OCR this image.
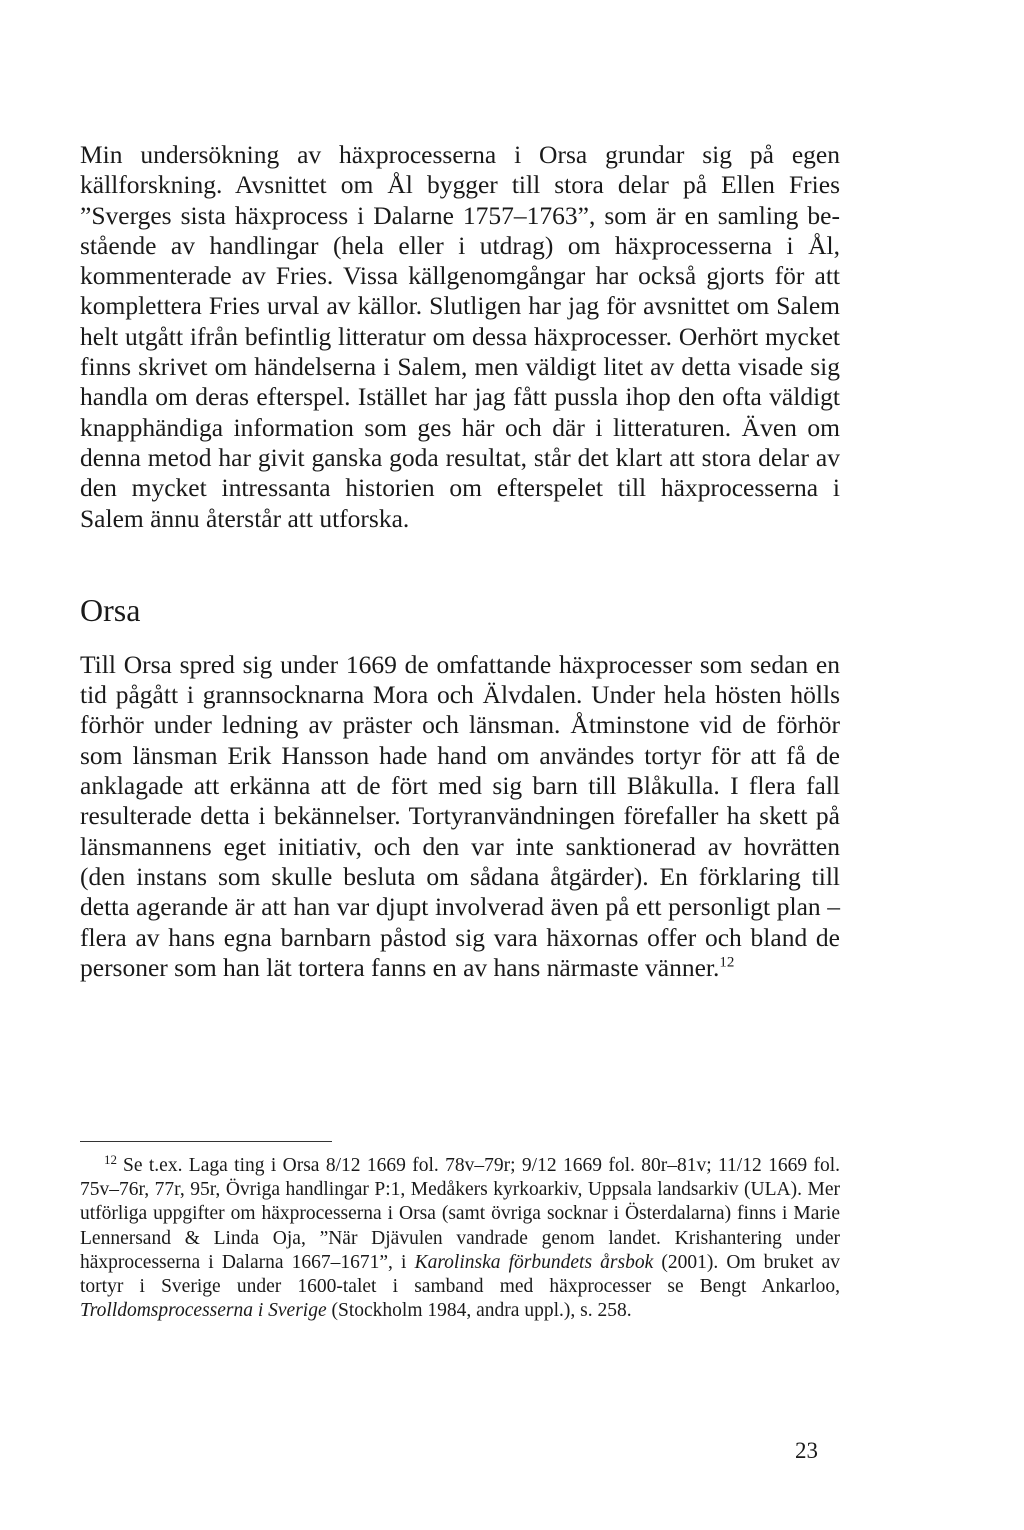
Min undersökning av häxprocesserna i Orsa grundar sig på egen källforskning. Avsnittet om Ål bygger till stora delar på Ellen Fries ”Sverges sista häxprocess i Dalarne 1757–1763”, som är en samling bestående av handlingar (hela eller i utdrag) om häxprocesserna i Ål, kommenterade av Fries. Vissa källgenomgångar har också gjorts för att komplettera Fries urval av källor. Slutligen har jag för avsnittet om Salem helt utgått ifrån befintlig litteratur om dessa häxprocesser. Oerhört mycket finns skrivet om händelserna i Salem, men väldigt litet av detta visade sig handla om deras efterspel. Istället har jag fått pussla ihop den ofta väldigt knapphändiga information som ges här och där i litteraturen. Även om denna metod har givit ganska goda resultat, står det klart att stora delar av den mycket intressanta historien om efterspelet till häxprocesserna i Salem ännu återstår att utforska.

Orsa

Till Orsa spred sig under 1669 de omfattande häxprocesser som sedan en tid pågått i grannsocknarna Mora och Älvdalen. Under hela hösten hölls förhör under ledning av präster och länsman. Åtminstone vid de förhör som länsman Erik Hansson hade hand om användes tortyr för att få de anklagade att erkänna att de fört med sig barn till Blåkulla. I flera fall resulterade detta i bekännelser. Tortyranvändningen förefaller ha skett på länsmannens eget initiativ, och den var inte sanktionerad av hovrätten (den instans som skulle besluta om sådana åtgärder). En förklaring till detta agerande är att han var djupt involverad även på ett personligt plan – flera av hans egna barnbarn påstod sig vara häxornas offer och bland de personer som han lät tortera fanns en av hans närmaste vänner.$^{12}$

$^{12}$ Se t.ex. Laga ting i Orsa 8/12 1669 fol. 78v–79r; 9/12 1669 fol. 80r–81v; 11/12 1669 fol. 75v–76r, 77r, 95r, Övriga handlingar P:1, Medåkers kyrkoarkiv, Uppsala landsarkiv (ULA). Mer utförliga uppgifter om häxprocesserna i Orsa (samt övriga socknar i Österdalarna) finns i Marie Lennersand & Linda Oja, ”När Djävulen vandrade genom landet. Krishantering under häxprocesserna i Dalarna 1667–1671”, i Karolinska förbundets årsbok (2001). Om bruket av tortyr i Sverige under 1600-talet i samband med häxprocesser se Bengt Ankarloo, Trolldomsprocesserna i Sverige (Stockholm 1984, andra uppl.), s. 258.

23
